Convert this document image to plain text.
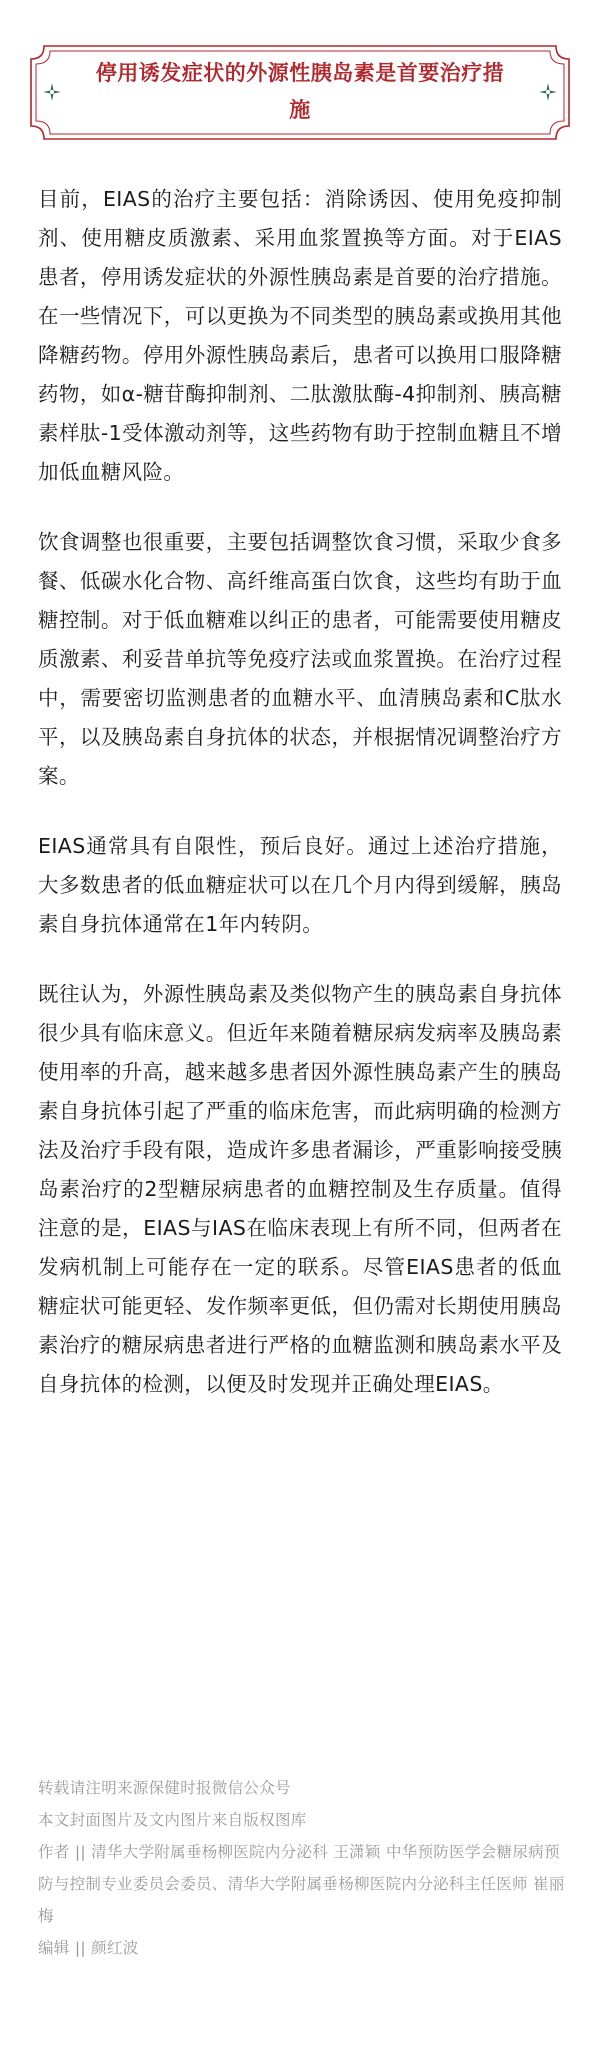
停用诱发症状的外源性胰岛素是首要治疗措施

目前，EIAS的治疗主要包括：消除诱因、使用免疫抑制剂、使用糖皮质激素、采用血浆置换等方面。对于EIAS患者，停用诱发症状的外源性胰岛素是首要的治疗措施。在一些情况下，可以更换为不同类型的胰岛素或换用其他降糖药物。停用外源性胰岛素后，患者可以换用口服降糖药物，如α-糖苷酶抑制剂、二肽激肽酶-4抑制剂、胰高糖素样肽-1受体激动剂等，这些药物有助于控制血糖且不增加低血糖风险。

饮食调整也很重要，主要包括调整饮食习惯，采取少食多餐、低碳水化合物、高纤维高蛋白饮食，这些均有助于血糖控制。对于低血糖难以纠正的患者，可能需要使用糖皮质激素、利妥昔单抗等免疫疗法或血浆置换。在治疗过程中，需要密切监测患者的血糖水平、血清胰岛素和C肽水平，以及胰岛素自身抗体的状态，并根据情况调整治疗方案。

EIAS通常具有自限性，预后良好。通过上述治疗措施，大多数患者的低血糖症状可以在几个月内得到缓解，胰岛素自身抗体通常在1年内转阴。

既往认为，外源性胰岛素及类似物产生的胰岛素自身抗体很少具有临床意义。但近年来随着糖尿病发病率及胰岛素使用率的升高，越来越多患者因外源性胰岛素产生的胰岛素自身抗体引起了严重的临床危害，而此病明确的检测方法及治疗手段有限，造成许多患者漏诊，严重影响接受胰岛素治疗的2型糖尿病患者的血糖控制及生存质量。值得注意的是，EIAS与IAS在临床表现上有所不同，但两者在发病机制上可能存在一定的联系。尽管EIAS患者的低血糖症状可能更轻、发作频率更低，但仍需对长期使用胰岛素治疗的糖尿病患者进行严格的血糖监测和胰岛素水平及自身抗体的检测，以便及时发现并正确处理EIAS。

转载请注明来源保健时报微信公众号
本文封面图片及文内图片来自版权图库
作者 || 清华大学附属垂杨柳医院内分泌科 王潇颖 中华预防医学会糖尿病预防与控制专业委员会委员、清华大学附属垂杨柳医院内分泌科主任医师 崔丽梅
编辑 || 颜红波
